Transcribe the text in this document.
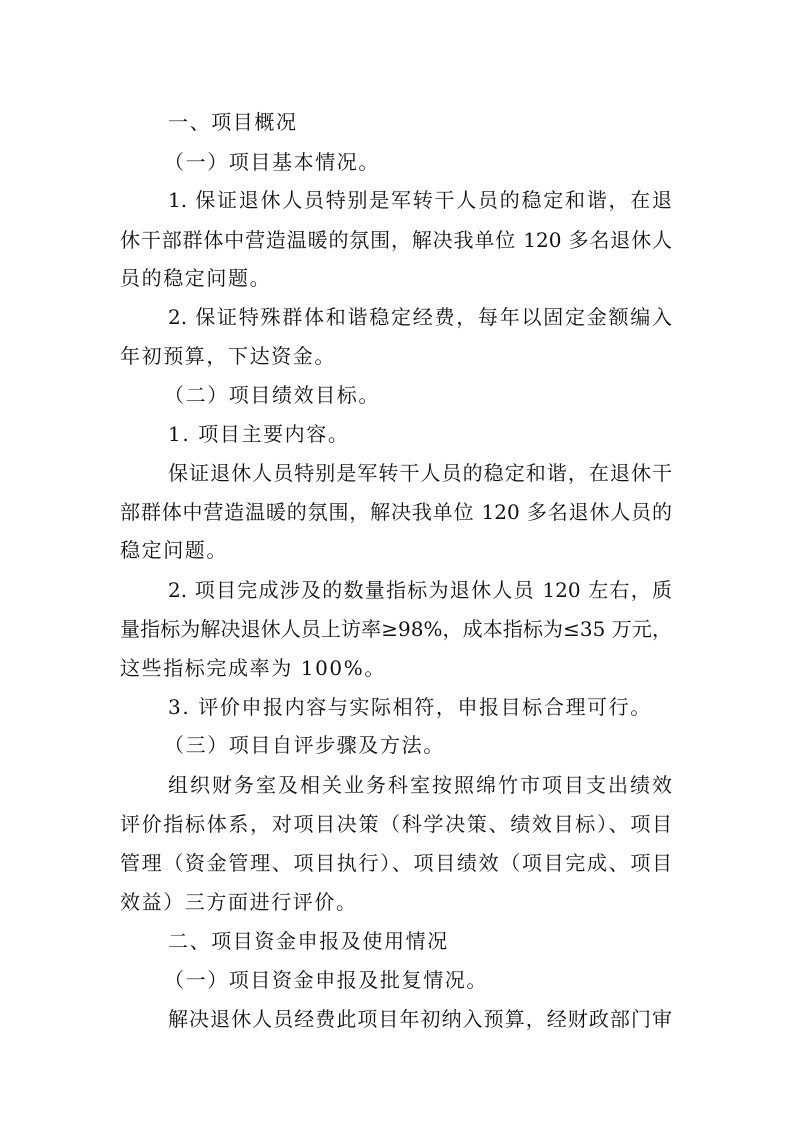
一、项目概况
（一）项目基本情况。
1. 保证退休人员特别是军转干人员的稳定和谐，在退
休干部群体中营造温暖的氛围，解决我单位 120 多名退休人
员的稳定问题。
2. 保证特殊群体和谐稳定经费，每年以固定金额编入
年初预算，下达资金。
（二）项目绩效目标。
1. 项目主要内容。
保证退休人员特别是军转干人员的稳定和谐，在退休干
部群体中营造温暖的氛围，解决我单位 120 多名退休人员的
稳定问题。
2. 项目完成涉及的数量指标为退休人员 120 左右，质
量指标为解决退休人员上访率≥98%，成本指标为≤35 万元，
这些指标完成率为 100%。
3. 评价申报内容与实际相符，申报目标合理可行。
（三）项目自评步骤及方法。
组织财务室及相关业务科室按照绵竹市项目支出绩效
评价指标体系，对项目决策（科学决策、绩效目标）、项目
管理（资金管理、项目执行）、项目绩效（项目完成、项目
效益）三方面进行评价。
二、项目资金申报及使用情况
（一）项目资金申报及批复情况。
解决退休人员经费此项目年初纳入预算，经财政部门审
